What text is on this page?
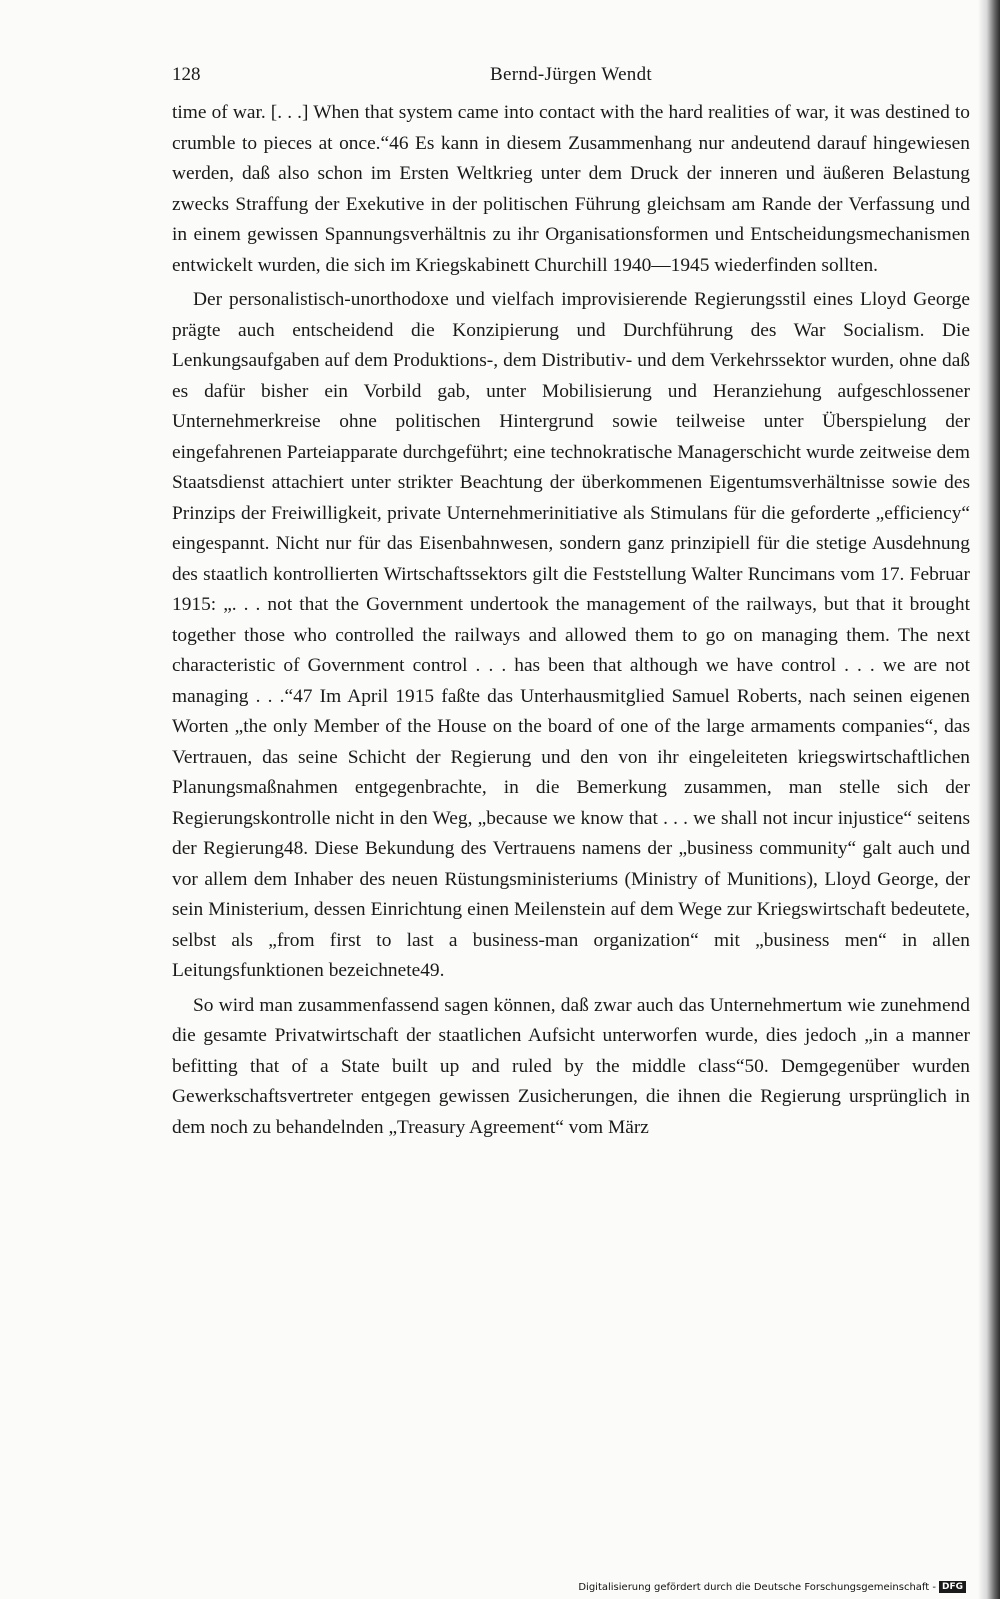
128	Bernd-Jürgen Wendt

time of war. [. . .] When that system came into contact with the hard realities of war, it was destined to crumble to pieces at once.“46 Es kann in diesem Zusammenhang nur andeutend darauf hingewiesen werden, daß also schon im Ersten Weltkrieg unter dem Druck der inneren und äußeren Belastung zwecks Straffung der Exekutive in der politischen Führung gleichsam am Rande der Verfassung und in einem gewissen Spannungsverhältnis zu ihr Organisationsformen und Entscheidungsmechanismen entwickelt wurden, die sich im Kriegskabinett Churchill 1940—1945 wiederfinden sollten.

Der personalistisch-unorthodoxe und vielfach improvisierende Regierungsstil eines Lloyd George prägte auch entscheidend die Konzipierung und Durchführung des War Socialism. Die Lenkungsaufgaben auf dem Produktions-, dem Distributiv- und dem Verkehrssektor wurden, ohne daß es dafür bisher ein Vorbild gab, unter Mobilisierung und Heranziehung aufgeschlossener Unternehmerkreise ohne politischen Hintergrund sowie teilweise unter Überspielung der eingefahrenen Parteiapparate durchgeführt; eine technokratische Managerschicht wurde zeitweise dem Staatsdienst attachiert unter strikter Beachtung der überkommenen Eigentumsverhältnisse sowie des Prinzips der Freiwilligkeit, private Unternehmerinitiative als Stimulans für die geforderte „efficiency“ eingespannt. Nicht nur für das Eisenbahnwesen, sondern ganz prinzipiell für die stetige Ausdehnung des staatlich kontrollierten Wirtschaftssektors gilt die Feststellung Walter Runcimans vom 17. Februar 1915: „. . . not that the Government undertook the management of the railways, but that it brought together those who controlled the railways and allowed them to go on managing them. The next characteristic of Government control . . . has been that although we have control . . . we are not managing . . .“47 Im April 1915 faßte das Unterhausmitglied Samuel Roberts, nach seinen eigenen Worten „the only Member of the House on the board of one of the large armaments companies“, das Vertrauen, das seine Schicht der Regierung und den von ihr eingeleiteten kriegswirtschaftlichen Planungsmaßnahmen entgegenbrachte, in die Bemerkung zusammen, man stelle sich der Regierungskontrolle nicht in den Weg, „because we know that . . . we shall not incur injustice“ seitens der Regierung48. Diese Bekundung des Vertrauens namens der „business community“ galt auch und vor allem dem Inhaber des neuen Rüstungsministeriums (Ministry of Munitions), Lloyd George, der sein Ministerium, dessen Einrichtung einen Meilenstein auf dem Wege zur Kriegswirtschaft bedeutete, selbst als „from first to last a business-man organization“ mit „business men“ in allen Leitungsfunktionen bezeichnete49.

So wird man zusammenfassend sagen können, daß zwar auch das Unternehmertum wie zunehmend die gesamte Privatwirtschaft der staatlichen Aufsicht unterworfen wurde, dies jedoch „in a manner befitting that of a State built up and ruled by the middle class“50. Demgegenüber wurden Gewerkschaftsvertreter entgegen gewissen Zusicherungen, die ihnen die Regierung ursprünglich in dem noch zu behandelnden „Treasury Agreement“ vom März

Digitalisierung gefördert durch die Deutsche Forschungsgemeinschaft - DFG
